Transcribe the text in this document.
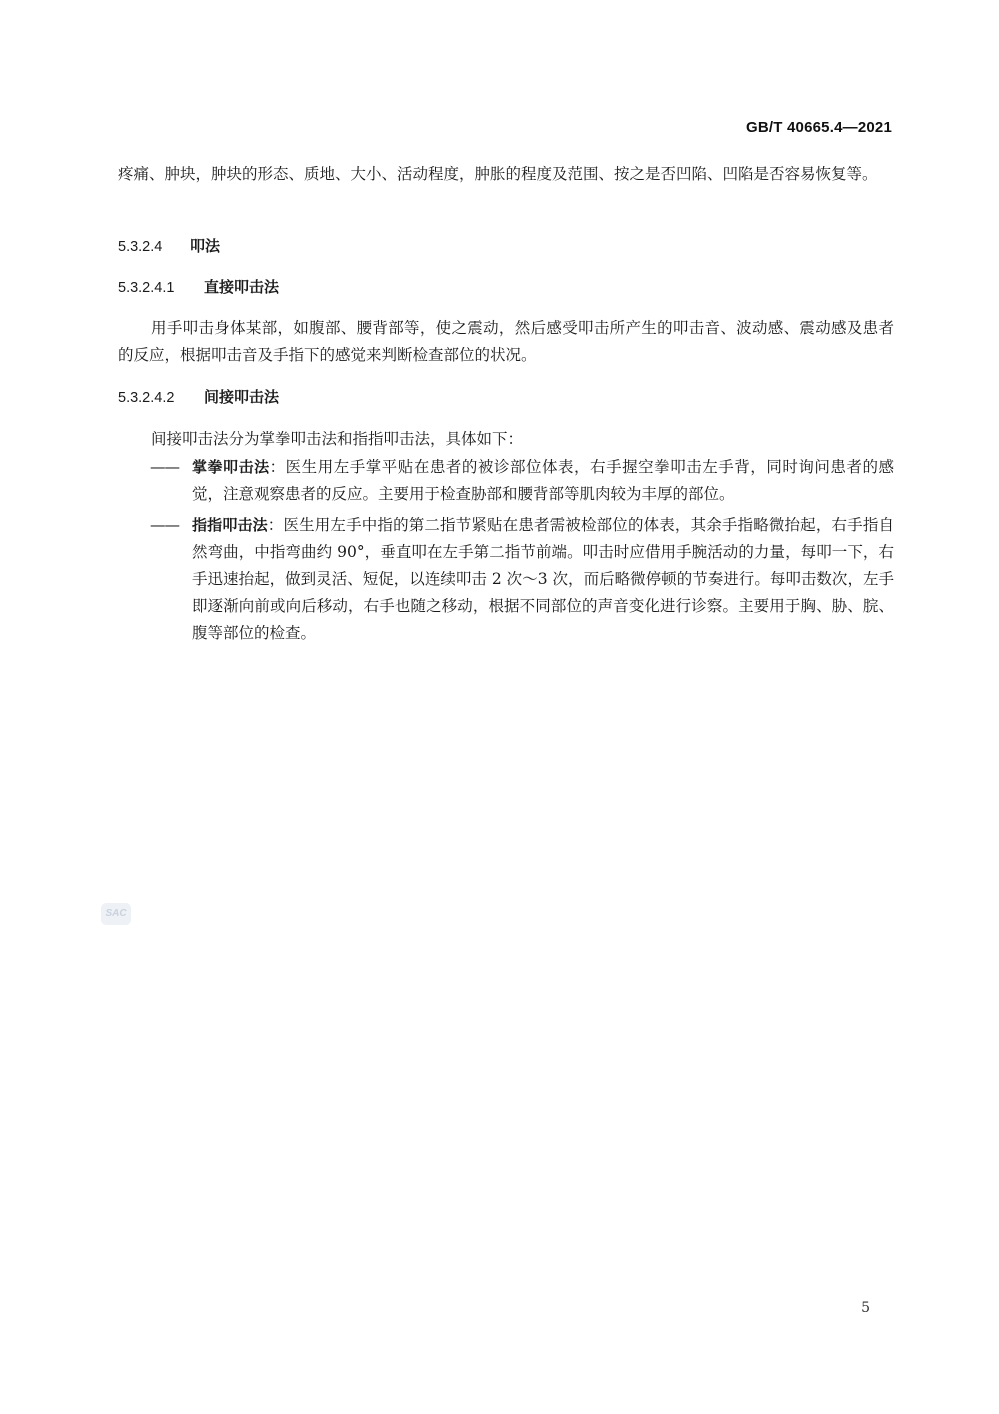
GB/T 40665.4—2021
疼痛、肿块，肿块的形态、质地、大小、活动程度，肿胀的程度及范围、按之是否凹陷、凹陷是否容易恢复等。
5.3.2.4 叩法
5.3.2.4.1 直接叩击法
用手叩击身体某部，如腹部、腰背部等，使之震动，然后感受叩击所产生的叩击音、波动感、震动感及患者的反应，根据叩击音及手指下的感觉来判断检查部位的状况。
5.3.2.4.2 间接叩击法
间接叩击法分为掌拳叩击法和指指叩击法，具体如下：
—— 掌拳叩击法：医生用左手掌平贴在患者的被诊部位体表，右手握空拳叩击左手背，同时询问患者的感觉，注意观察患者的反应。主要用于检查胁部和腰背部等肌肉较为丰厚的部位。
—— 指指叩击法：医生用左手中指的第二指节紧贴在患者需被检部位的体表，其余手指略微抬起，右手指自然弯曲，中指弯曲约 90°，垂直叩在左手第二指节前端。叩击时应借用手腕活动的力量，每叩一下，右手迅速抬起，做到灵活、短促，以连续叩击 2 次～3 次，而后略微停顿的节奏进行。每叩击数次，左手即逐渐向前或向后移动，右手也随之移动，根据不同部位的声音变化进行诊察。主要用于胸、胁、脘、腹等部位的检查。
SAC
5
